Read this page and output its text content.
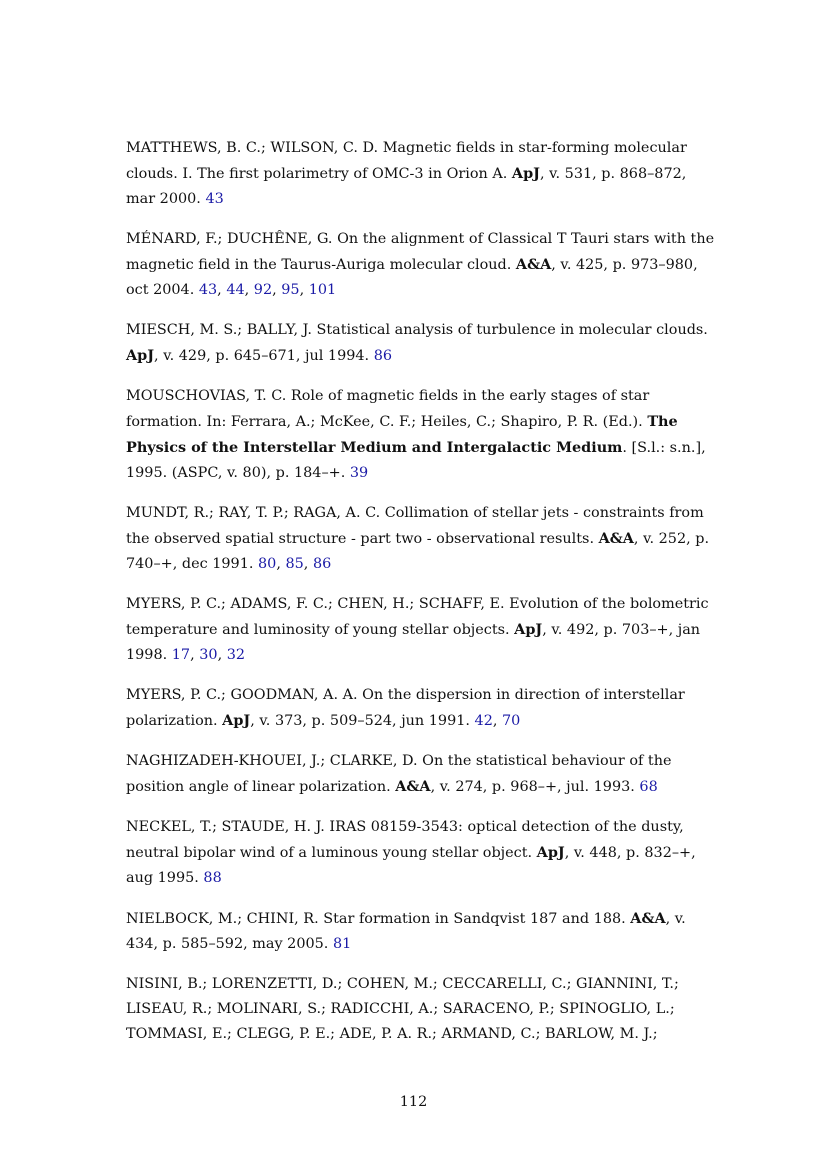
MATTHEWS, B. C.; WILSON, C. D. Magnetic fields in star-forming molecular clouds. I. The first polarimetry of OMC-3 in Orion A. ApJ, v. 531, p. 868–872, mar 2000. 43

MÉNARD, F.; DUCHÊNE, G. On the alignment of Classical T Tauri stars with the magnetic field in the Taurus-Auriga molecular cloud. A&A, v. 425, p. 973–980, oct 2004. 43, 44, 92, 95, 101

MIESCH, M. S.; BALLY, J. Statistical analysis of turbulence in molecular clouds. ApJ, v. 429, p. 645–671, jul 1994. 86

MOUSCHOVIAS, T. C. Role of magnetic fields in the early stages of star formation. In: Ferrara, A.; McKee, C. F.; Heiles, C.; Shapiro, P. R. (Ed.). The Physics of the Interstellar Medium and Intergalactic Medium. [S.l.: s.n.], 1995. (ASPC, v. 80), p. 184–+. 39

MUNDT, R.; RAY, T. P.; RAGA, A. C. Collimation of stellar jets - constraints from the observed spatial structure - part two - observational results. A&A, v. 252, p. 740–+, dec 1991. 80, 85, 86

MYERS, P. C.; ADAMS, F. C.; CHEN, H.; SCHAFF, E. Evolution of the bolometric temperature and luminosity of young stellar objects. ApJ, v. 492, p. 703–+, jan 1998. 17, 30, 32

MYERS, P. C.; GOODMAN, A. A. On the dispersion in direction of interstellar polarization. ApJ, v. 373, p. 509–524, jun 1991. 42, 70

NAGHIZADEH-KHOUEI, J.; CLARKE, D. On the statistical behaviour of the position angle of linear polarization. A&A, v. 274, p. 968–+, jul. 1993. 68

NECKEL, T.; STAUDE, H. J. IRAS 08159-3543: optical detection of the dusty, neutral bipolar wind of a luminous young stellar object. ApJ, v. 448, p. 832–+, aug 1995. 88

NIELBOCK, M.; CHINI, R. Star formation in Sandqvist 187 and 188. A&A, v. 434, p. 585–592, may 2005. 81

NISINI, B.; LORENZETTI, D.; COHEN, M.; CECCARELLI, C.; GIANNINI, T.; LISEAU, R.; MOLINARI, S.; RADICCHI, A.; SARACENO, P.; SPINOGLIO, L.; TOMMASI, E.; CLEGG, P. E.; ADE, P. A. R.; ARMAND, C.; BARLOW, M. J.;

112
